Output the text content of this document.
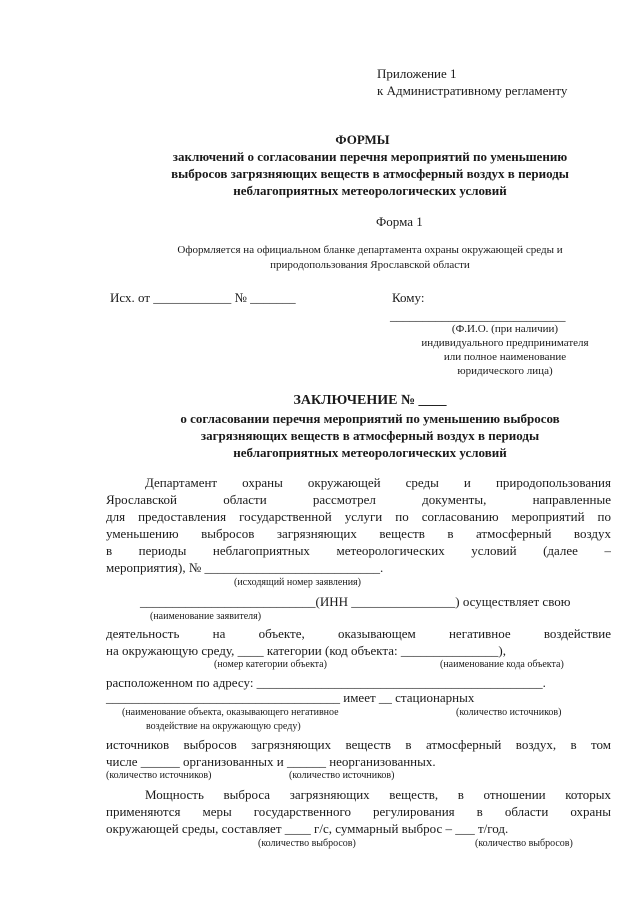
Приложение 1
к Административному регламенту
ФОРМЫ
заключений о согласовании перечня мероприятий по уменьшению
выбросов загрязняющих веществ в атмосферный воздух в периоды
неблагоприятных метеорологических условий
Форма 1
Оформляется на официальном бланке департамента охраны окружающей среды и
природопользования Ярославской области
Исх. от ____________ № _______	Кому:
___________________________
(Ф.И.О. (при наличии)
индивидуального предпринимателя
или полное наименование
юридического лица)
ЗАКЛЮЧЕНИЕ № ____
о согласовании перечня мероприятий по уменьшению выбросов
загрязняющих веществ в атмосферный воздух в периоды
неблагоприятных метеорологических условий
Департамент охраны окружающей среды и природопользования
Ярославской области рассмотрел документы, направленные
для предоставления государственной услуги по согласованию мероприятий по
уменьшению выбросов загрязняющих веществ в атмосферный воздух
в периоды неблагоприятных метеорологических условий (далее –
мероприятия), № ___________________________.
(исходящий номер заявления)
___________________________(ИНН ________________) осуществляет свою
(наименование заявителя)
деятельность на объекте, оказывающем негативное воздействие
на окружающую среду, ____ категории (код объекта: _______________),
(номер категории объекта)	(наименование кода объекта)
расположенном по адресу: ____________________________________________.
____________________________________ имеет __ стационарных
(наименование объекта, оказывающего негативное	(количество источников)
воздействие на окружающую среду)
источников выбросов загрязняющих веществ в атмосферный воздух, в том
числе ______ организованных и ______ неорганизованных.
(количество источников)	(количество источников)
Мощность выброса загрязняющих веществ, в отношении которых
применяются меры государственного регулирования в области охраны
окружающей среды, составляет ____ г/с, суммарный выброс – ___ т/год.
(количество выбросов)	(количество выбросов)
